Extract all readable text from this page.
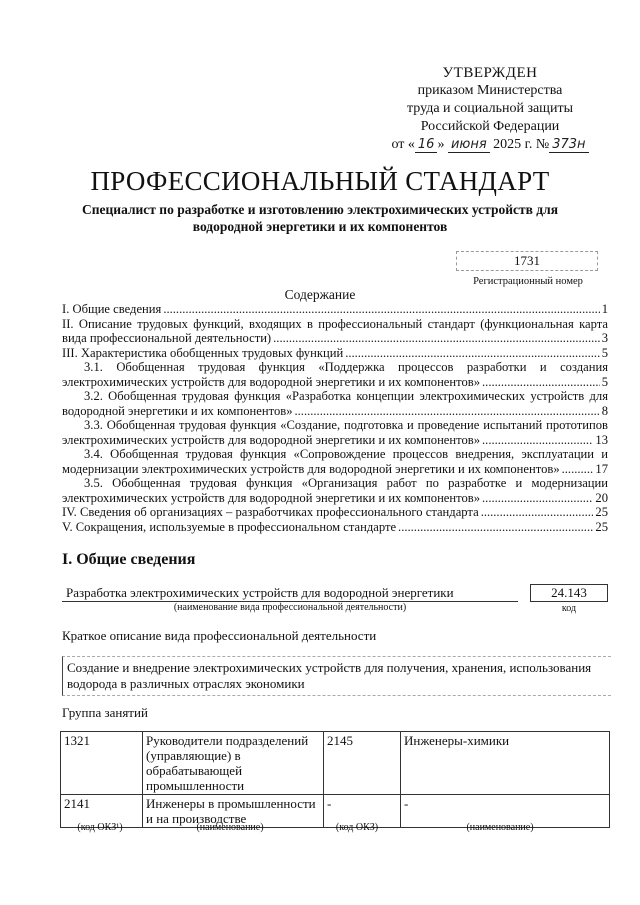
УТВЕРЖДЕН
приказом Министерства
труда и социальной защиты
Российской Федерации
от « 16 » июня 2025 г. № 373н
ПРОФЕССИОНАЛЬНЫЙ СТАНДАРТ
Специалист по разработке и изготовлению электрохимических устройств для
водородной энергетики и их компонентов
1731
Регистрационный номер
Содержание
I. Общие сведения .....	1
II. Описание трудовых функций, входящих в профессиональный стандарт (функциональная карта
вида профессиональной деятельности) .....	3
III. Характеристика обобщенных трудовых функций .....	5
3.1. Обобщенная трудовая функция «Поддержка процессов разработки и создания
электрохимических устройств для водородной энергетики и их компонентов» .....	5
3.2. Обобщенная трудовая функция «Разработка концепции электрохимических устройств для
водородной энергетики и их компонентов» .....	8
3.3. Обобщенная трудовая функция «Создание, подготовка и проведение испытаний прототипов
электрохимических устройств для водородной энергетики и их компонентов» .....	13
3.4. Обобщенная трудовая функция «Сопровождение процессов внедрения, эксплуатации и
модернизации электрохимических устройств для водородной энергетики и их компонентов» .....	17
3.5. Обобщенная трудовая функция «Организация работ по разработке и модернизации
электрохимических устройств для водородной энергетики и их компонентов» .....	20
IV. Сведения об организациях – разработчиках профессионального стандарта .....	25
V. Сокращения, используемые в профессиональном стандарте .....	25
I. Общие сведения
Разработка электрохимических устройств для водородной энергетики
(наименование вида профессиональной деятельности)
24.143
код
Краткое описание вида профессиональной деятельности
Создание и внедрение электрохимических устройств для получения, хранения, использования
водорода в различных отраслях экономики
Группа занятий
1321	Руководители подразделений (управляющие) в обрабатывающей промышленности	2145	Инженеры-химики
2141	Инженеры в промышленности и на производстве	-	-
(код ОКЗ¹)	(наименование)	(код ОКЗ)	(наименование)
